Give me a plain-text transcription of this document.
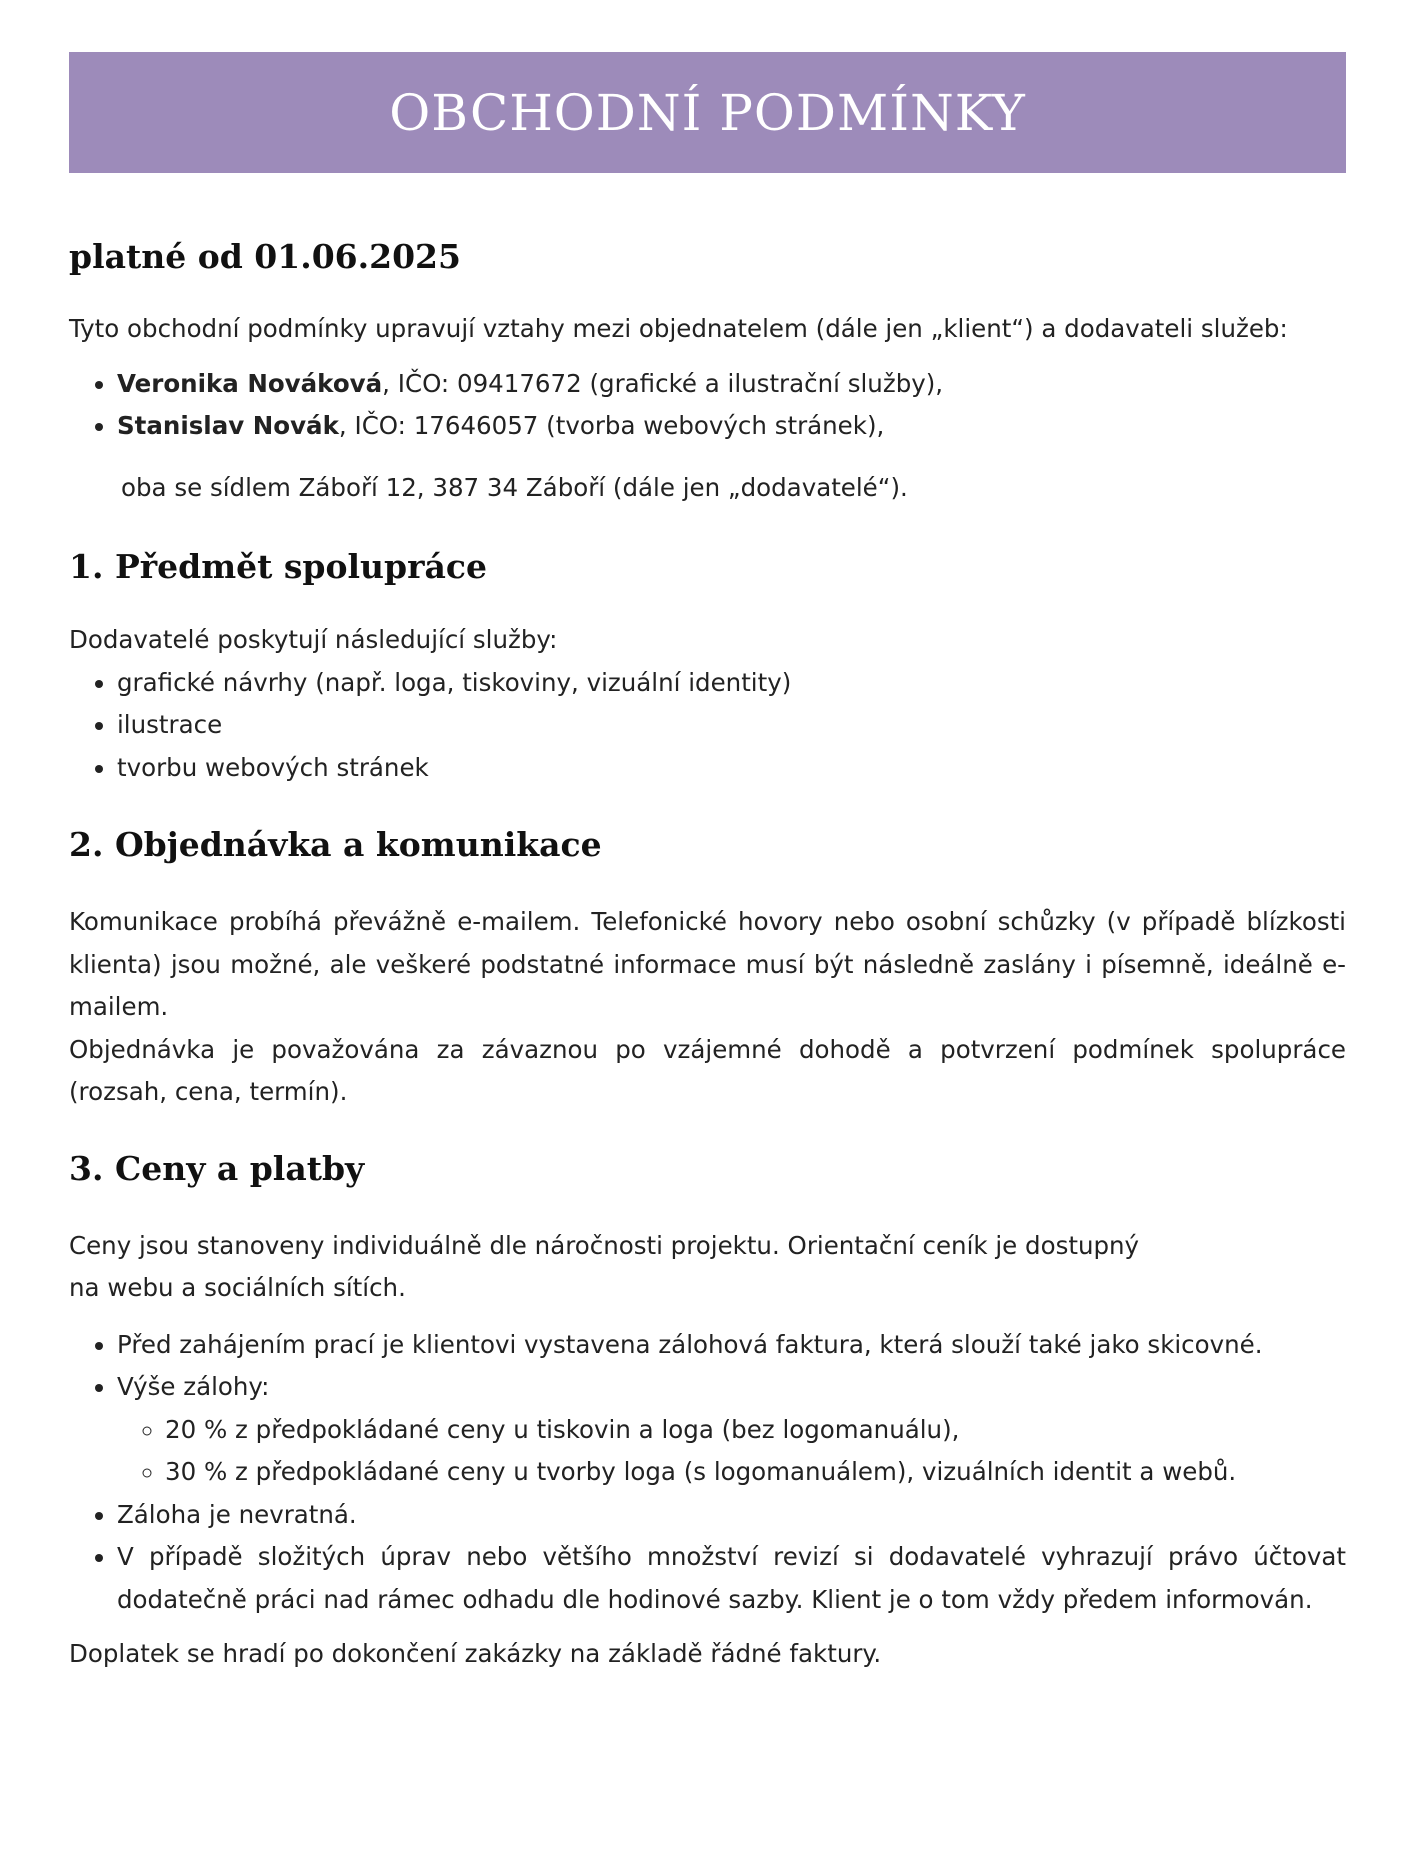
OBCHODNÍ PODMÍNKY
platné od 01.06.2025

Tyto obchodní podmínky upravují vztahy mezi objednatelem (dále jen „klient“) a dodavateli služeb:

• Veronika Nováková, IČO: 09417672 (grafické a ilustrační služby),
• Stanislav Novák, IČO: 17646057 (tvorba webových stránek),

oba se sídlem Záboří 12, 387 34 Záboří (dále jen „dodavatelé“).

1. Předmět spolupráce

Dodavatelé poskytují následující služby:

• grafické návrhy (např. loga, tiskoviny, vizuální identity)
• ilustrace
• tvorbu webových stránek
2. Objednávka a komunikace

Komunikace probíhá převážně e-mailem. Telefonické hovory nebo osobní schůzky (v případě blízkosti klienta) jsou možné, ale veškeré podstatné informace musí být následně zaslány i písemně, ideálně e-mailem.

Objednávka je považována za závaznou po vzájemné dohodě a potvrzení podmínek spolupráce (rozsah, cena, termín).

3. Ceny a platby

Ceny jsou stanoveny individuálně dle náročnosti projektu. Orientační ceník je dostupný
na webu a sociálních sítích.

• Před zahájením prací je klientovi vystavena zálohová faktura, která slouží také jako skicovné.
• Výše zálohy:
◦ 20 % z předpokládané ceny u tiskovin a loga (bez logomanuálu),
◦ 30 % z předpokládané ceny u tvorby loga (s logomanuálem), vizuálních identit a webů.
• Záloha je nevratná.
• V případě složitých úprav nebo většího množství revizí si dodavatelé vyhrazují právo účtovat dodatečně práci nad rámec odhadu dle hodinové sazby. Klient je o tom vždy předem informován.

Doplatek se hradí po dokončení zakázky na základě řádné faktury.
